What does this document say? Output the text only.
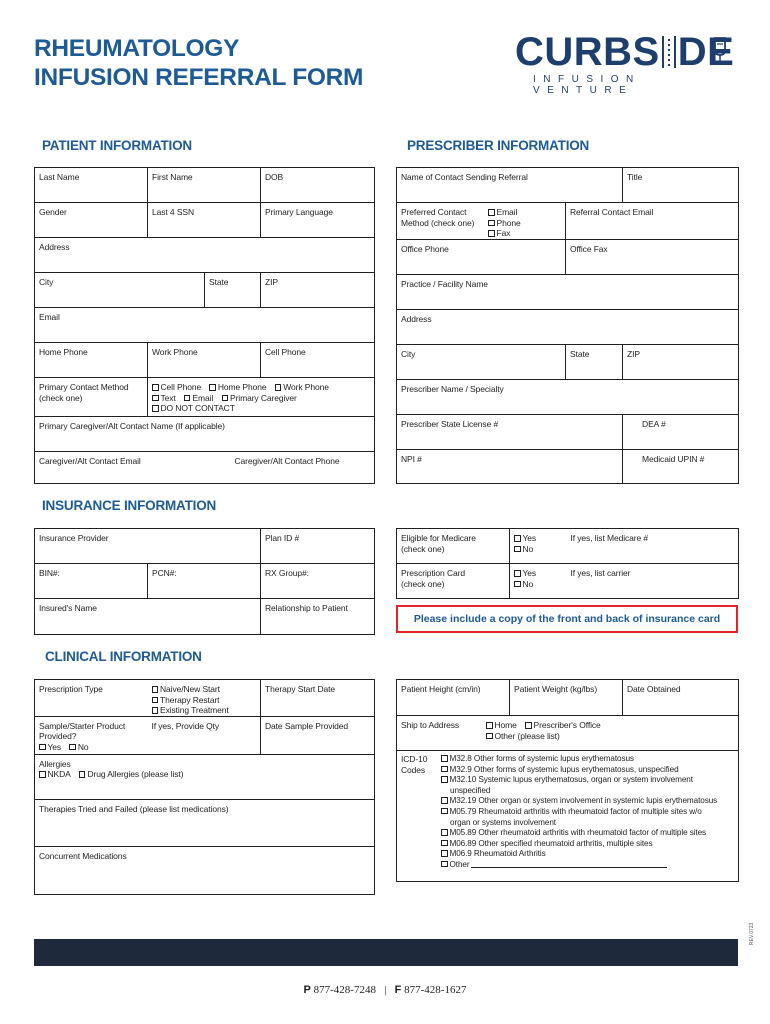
RHEUMATOLOGY
INFUSION REFERRAL FORM
CURBS DE
INFUSION VENTURE
PATIENT INFORMATION	PRESCRIBER INFORMATION
Last Name	First Name		DOB
Gender	Last 4 SSN		Primary Language
Address			
City		State	ZIP
Email			
Home Phone	Work Phone		Cell Phone

Primary Contact Method
(check one)	Cell Phone Home Phone Work Phone
Text Email Primary Caregiver
DO NOT CONTACT		

Primary Caregiver/Alt Contact Name (If applicable)			
Caregiver/Alt Contact Email		Caregiver/Alt Contact Phone	
Name of Contact Sending Referral		Title

Preferred Contact
Method (check one)
Email
Phone
Fax	Referral Contact Email	
Office Phone	Office Fax	
Practice / Facility Name		
Address		
City	State	ZIP
Prescriber Name / Specialty		
Prescriber State License #		DEA #
NPI #		Medicaid UPIN #
INSURANCE INFORMATION
Insurance Provider		Plan ID #
BIN#:	PCN#:	RX Group#:
Insured's Name		Relationship to Patient
Eligible for Medicare
(check one)	Yes
No	If yes, list Medicare #

Prescription Card
(check one)	Yes
No	If yes, list carrier
Please include a copy of the front and back of insurance card
CLINICAL INFORMATION
Prescription Type	Naive/New Start
Therapy Restart
Existing Treatment	Therapy Start Date

Sample/Starter Product
Provided?
Yes No	If yes, Provide Qty	Date Sample Provided

Allergies
NKDA Drug Allergies (please list)		

Therapies Tried and Failed (please list medications)		
Concurrent Medications		
Patient Height (cm/in)	Patient Weight (kg/lbs)	Date Obtained

Ship to Address	Home Prescriber's Office
Other (please list)

ICD-10
Codes
M32.8 Other forms of systemic lupus erythematosus
M32.9 Other forms of systemic lupus erythematosus, unspecified
M32.10 Systemic lupus erythematosus, organ or system involvement
unspecified
M32.19 Other organ or system involvement in systemic lupis erythematosus
M05.79 Rheumatoid arthritis with rheumatoid factor of multiple sites w/o
organ or systems involvement
M05.89 Other rheumatoid arthritis with rheumatoid factor of multiple sites
M06.89 Other specified rheumatoid arthritis, multiple sites
M06.9 Rheumatoid Arthritis
Other
REV.0723
P 877-428-7248 | F 877-428-1627
